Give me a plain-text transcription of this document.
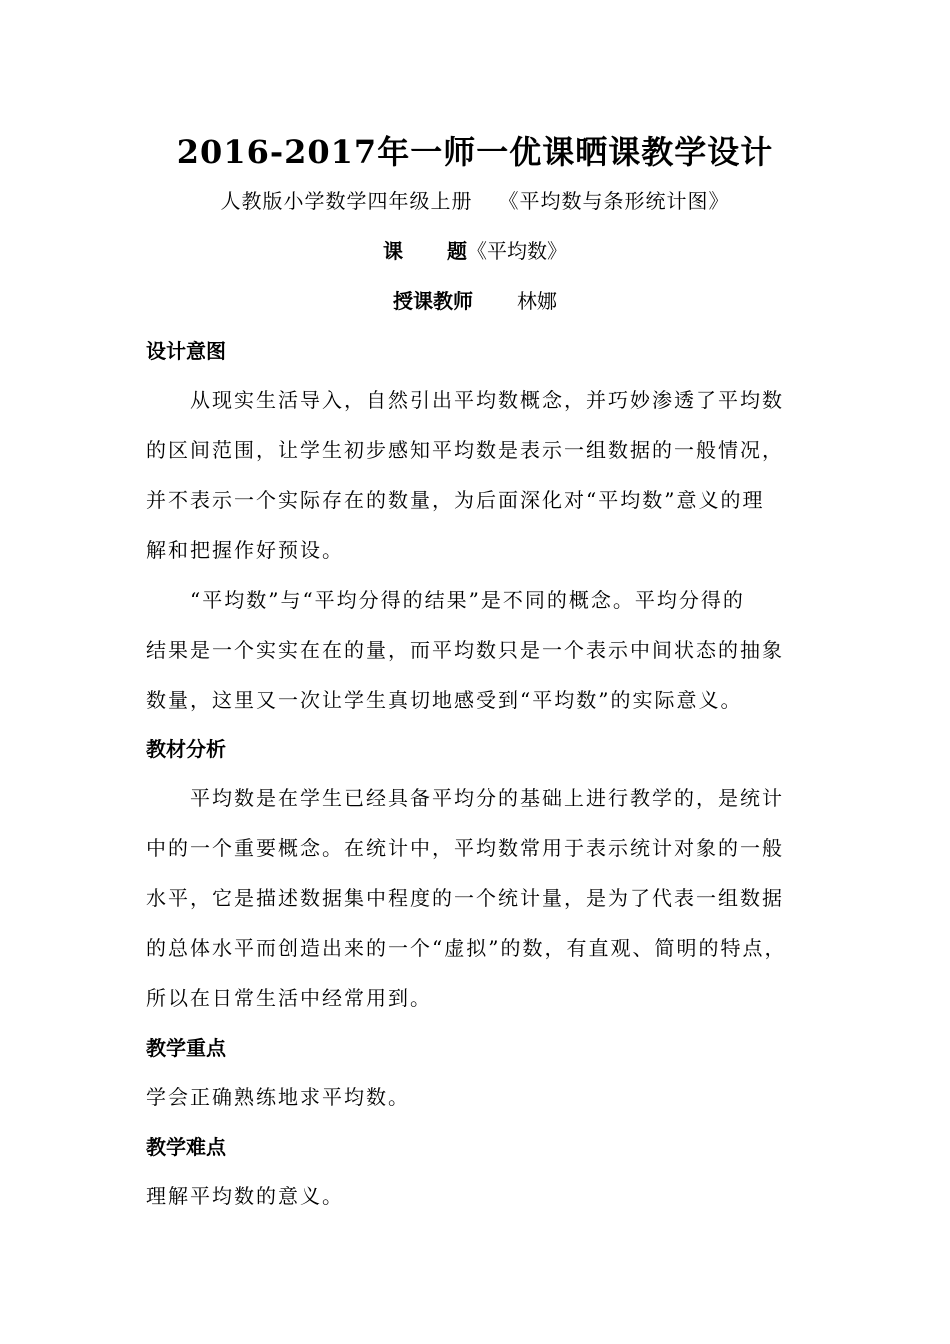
2016-2017年一师一优课晒课教学设计
人教版小学数学四年级上册 《平均数与条形统计图》
课 题《平均数》
授课教师 林娜
设计意图
从现实生活导入，自然引出平均数概念，并巧妙渗透了平均数
的区间范围，让学生初步感知平均数是表示一组数据的一般情况，
并不表示一个实际存在的数量，为后面深化对“平均数”意义的理
解和把握作好预设。
“平均数”与“平均分得的结果”是不同的概念。平均分得的
结果是一个实实在在的量，而平均数只是一个表示中间状态的抽象
数量，这里又一次让学生真切地感受到“平均数”的实际意义。
教材分析
平均数是在学生已经具备平均分的基础上进行教学的，是统计
中的一个重要概念。在统计中，平均数常用于表示统计对象的一般
水平，它是描述数据集中程度的一个统计量，是为了代表一组数据
的总体水平而创造出来的一个“虚拟”的数，有直观、简明的特点，
所以在日常生活中经常用到。
教学重点
学会正确熟练地求平均数。
教学难点
理解平均数的意义。
